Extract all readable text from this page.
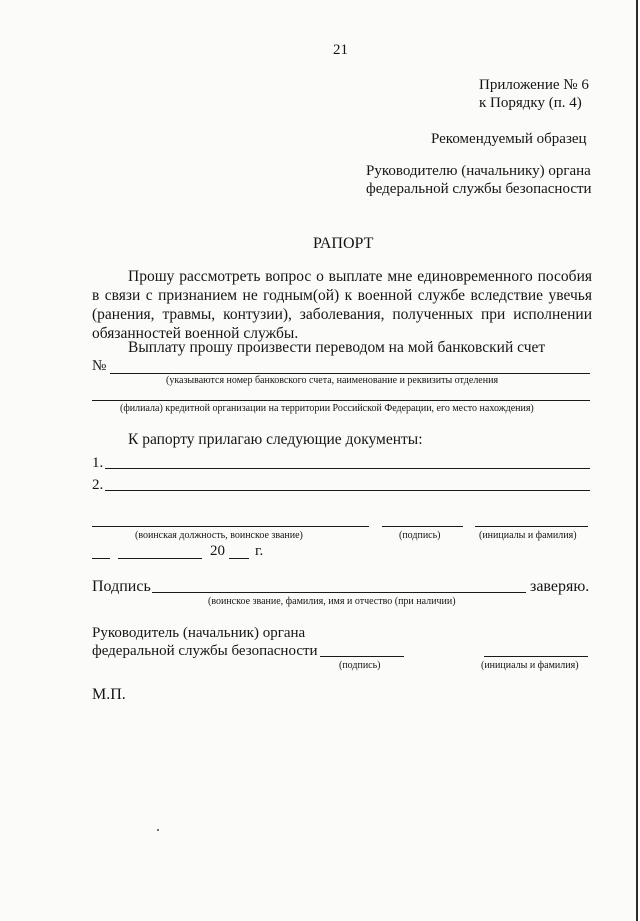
21
Приложение № 6
к Порядку (п. 4)
Рекомендуемый образец
Руководителю (начальнику) органа
федеральной службы безопасности
РАПОРТ
Прошу рассмотреть вопрос о выплате мне единовременного пособия в связи с признанием не годным(ой) к военной службе вследствие увечья (ранения, травмы, контузии), заболевания, полученных при исполнении обязанностей военной службы.
Выплату прошу произвести переводом на мой банковский счет
№
(указываются номер банковского счета, наименование и реквизиты отделения
(филиала) кредитной организации на территории Российской Федерации, его место нахождения)
К рапорту прилагаю следующие документы:
1.
2.
(воинская должность, воинское звание)	(подпись)	(инициалы и фамилия)
20 г.
Подпись	заверяю.
(воинское звание, фамилия, имя и отчество (при наличии)
Руководитель (начальник) органа
федеральной службы безопасности
(подпись)	(инициалы и фамилия)
М.П.
